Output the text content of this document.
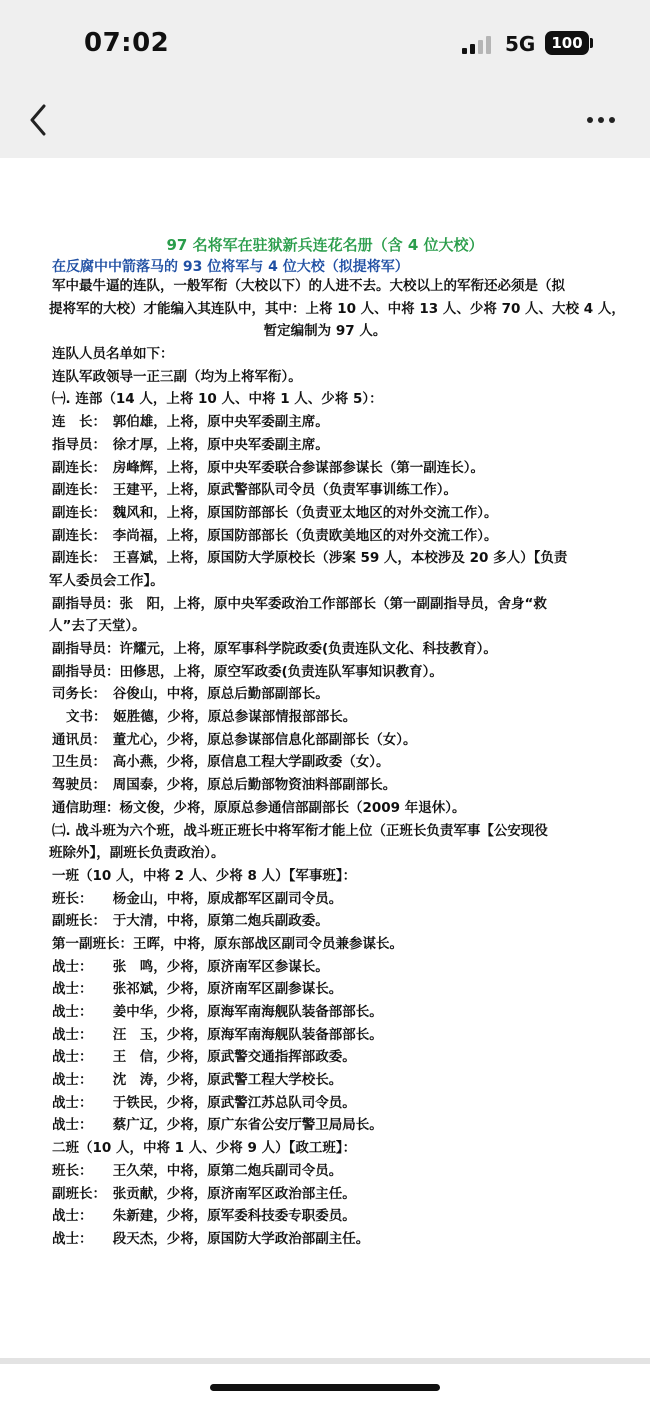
07:02	5G	100
97 名将军在驻狱新兵连花名册（含 4 位大校）
在反腐中中箭落马的 93 位将军与 4 位大校（拟提将军）
军中最牛逼的连队，一般军衔（大校以下）的人进不去。大校以上的军衔还必须是（拟
提将军的大校）才能编入其连队中，其中：上将 10 人、中将 13 人、少将 70 人、大校 4 人，
暂定编制为 97 人。
连队人员名单如下：
连队军政领导一正三副（均为上将军衔）。
㈠. 连部（14 人，上将 10 人、中将 1 人、少将 5）：
连　长：　郭伯雄，上将，原中央军委副主席。
指导员：　徐才厚，上将，原中央军委副主席。
副连长：　房峰辉，上将，原中央军委联合参谋部参谋长（第一副连长）。
副连长：　王建平，上将，原武警部队司令员（负责军事训练工作）。
副连长：　魏风和，上将，原国防部部长（负责亚太地区的对外交流工作）。
副连长：　李尚福，上将，原国防部部长（负责欧美地区的对外交流工作）。
副连长：　王喜斌，上将，原国防大学原校长（涉案 59 人，本校涉及 20 多人）【负责
军人委员会工作】。
副指导员：张　阳，上将，原中央军委政治工作部部长（第一副副指导员，舍身“救
人”去了天堂）。
副指导员：许耀元，上将，原军事科学院政委(负责连队文化、科技教育）。
副指导员：田修思，上将，原空军政委(负责连队军事知识教育）。
司务长：　谷俊山，中将，原总后勤部副部长。
文书：　姬胜德，少将，原总参谋部情报部部长。
通讯员：　董尤心，少将，原总参谋部信息化部副部长（女）。
卫生员：　高小燕，少将，原信息工程大学副政委（女）。
驾驶员：　周国泰，少将，原总后勤部物资油料部副部长。
通信助理：杨文俊，少将，原原总参通信部副部长（2009 年退休）。
㈡. 战斗班为六个班，战斗班正班长中将军衔才能上位（正班长负责军事【公安现役
班除外】，副班长负责政治）。
一班（10 人，中将 2 人、少将 8 人）【军事班】：
班长：　　杨金山，中将，原成都军区副司令员。
副班长：　于大清，中将，原第二炮兵副政委。
第一副班长：王晖，中将，原东部战区副司令员兼参谋长。
战士：　　张　鸣，少将，原济南军区参谋长。
战士：　　张祁斌，少将，原济南军区副参谋长。
战士：　　姜中华，少将，原海军南海舰队装备部部长。
战士：　　汪　玉，少将，原海军南海舰队装备部部长。
战士：　　王　信，少将，原武警交通指挥部政委。
战士：　　沈　涛，少将，原武警工程大学校长。
战士：　　于铁民，少将，原武警江苏总队司令员。
战士：　　蔡广辽，少将，原广东省公安厅警卫局局长。
二班（10 人，中将 1 人、少将 9 人）【政工班】：
班长：　　王久荣，中将，原第二炮兵副司令员。
副班长：　张贡献，少将，原济南军区政治部主任。
战士：　　朱新建，少将，原军委科技委专职委员。
战士：　　段天杰，少将，原国防大学政治部副主任。
